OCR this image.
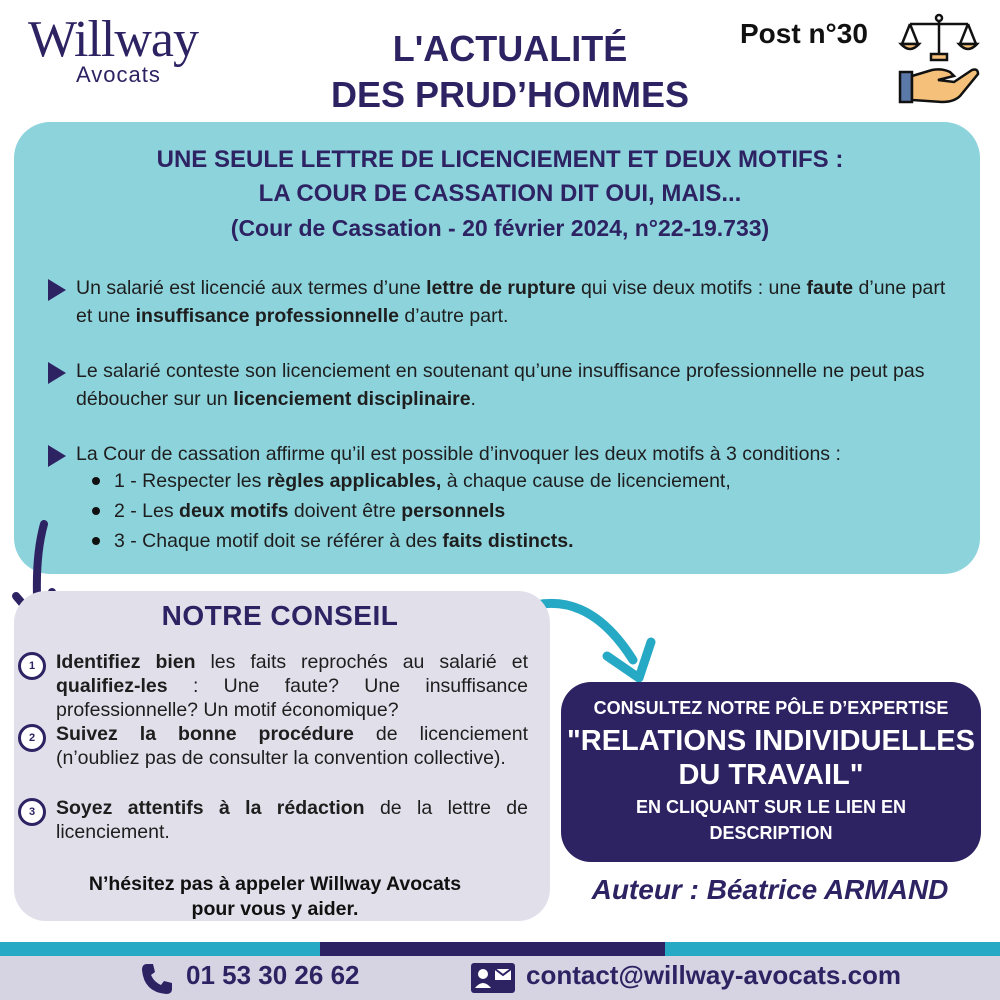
Willway
Avocats
L'ACTUALITÉ
DES PRUD’HOMMES
Post n°30
UNE SEULE LETTRE DE LICENCIEMENT ET DEUX MOTIFS :
LA COUR DE CASSATION DIT OUI, MAIS...
(Cour de Cassation - 20 février 2024, n°22-19.733)
Un salarié est licencié aux termes d’une lettre de rupture qui vise deux motifs : une faute d’une part et une insuffisance professionnelle d’autre part.
Le salarié conteste son licenciement en soutenant qu’une insuffisance professionnelle ne peut pas déboucher sur un licenciement disciplinaire.
La Cour de cassation affirme qu’il est possible d’invoquer les deux motifs à 3 conditions :
1 - Respecter les règles applicables, à chaque cause de licenciement,
2 - Les deux motifs doivent être personnels
3 - Chaque motif doit se référer à des faits distincts.
NOTRE CONSEIL
1	Identifiez bien les faits reprochés au salarié et qualifiez-les : Une faute? Une insuffisance professionnelle? Un motif économique?
2	Suivez la bonne procédure de licenciement (n’oubliez pas de consulter la convention collective).
3	Soyez attentifs à la rédaction de la lettre de licenciement.
N’hésitez pas à appeler Willway Avocats
pour vous y aider.
CONSULTEZ NOTRE PÔLE D’EXPERTISE
"RELATIONS INDIVIDUELLES
DU TRAVAIL"
EN CLIQUANT SUR LE LIEN EN
DESCRIPTION
Auteur : Béatrice ARMAND
01 53 30 26 62	contact@willway-avocats.com
